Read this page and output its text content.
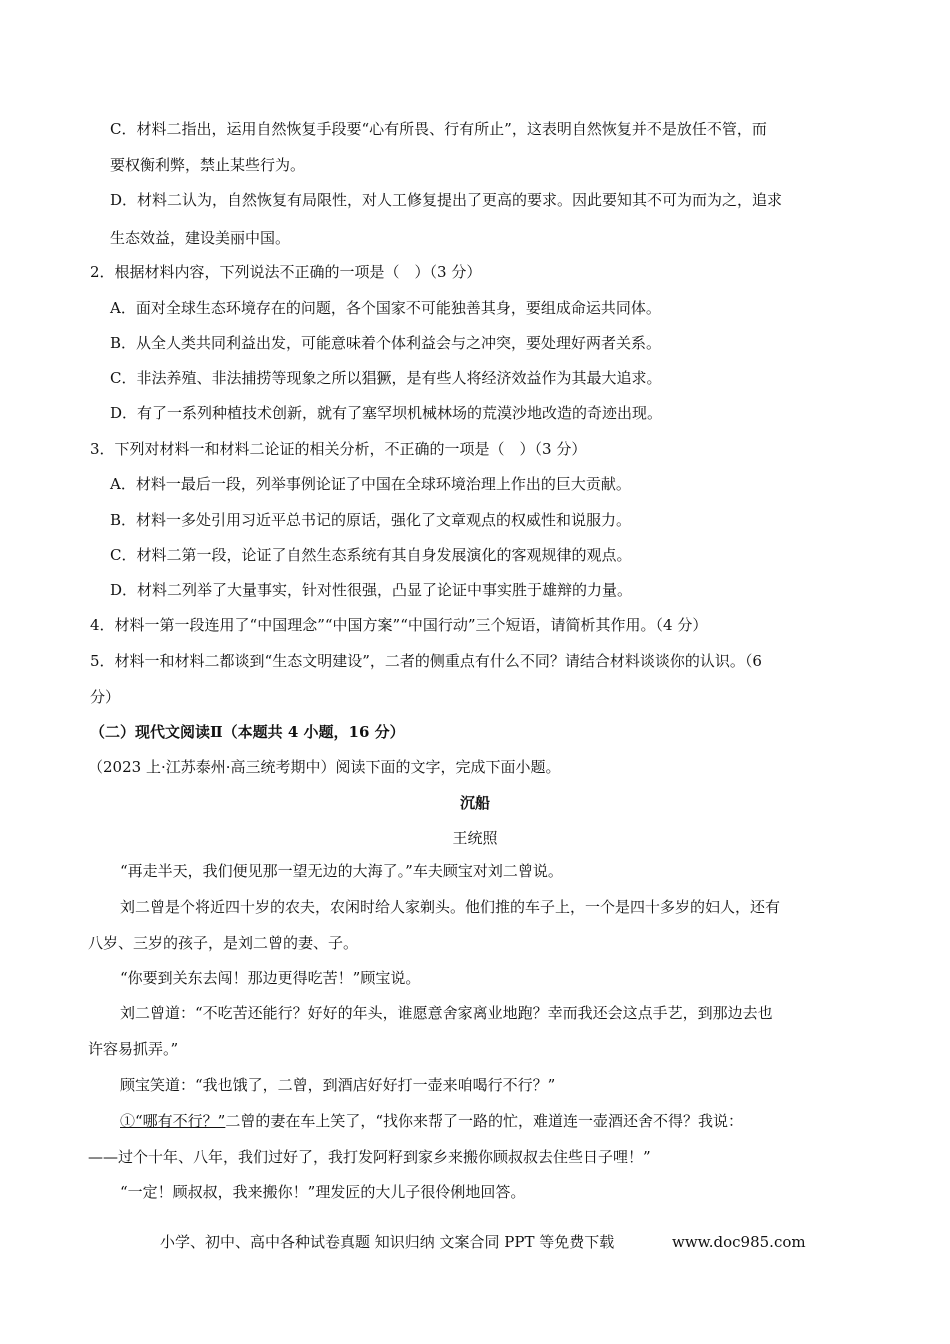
C．材料二指出，运用自然恢复手段要“心有所畏、行有所止”，这表明自然恢复并不是放任不管，而
要权衡利弊，禁止某些行为。
D．材料二认为，自然恢复有局限性，对人工修复提出了更高的要求。因此要知其不可为而为之，追求
生态效益，建设美丽中国。
2．根据材料内容，下列说法不正确的一项是（　）（3 分）
A．面对全球生态环境存在的问题，各个国家不可能独善其身，要组成命运共同体。
B．从全人类共同利益出发，可能意味着个体利益会与之冲突，要处理好两者关系。
C．非法养殖、非法捕捞等现象之所以猖獗，是有些人将经济效益作为其最大追求。
D．有了一系列种植技术创新，就有了塞罕坝机械林场的荒漠沙地改造的奇迹出现。
3．下列对材料一和材料二论证的相关分析，不正确的一项是（　）（3 分）
A．材料一最后一段，列举事例论证了中国在全球环境治理上作出的巨大贡献。
B．材料一多处引用习近平总书记的原话，强化了文章观点的权威性和说服力。
C．材料二第一段，论证了自然生态系统有其自身发展演化的客观规律的观点。
D．材料二列举了大量事实，针对性很强，凸显了论证中事实胜于雄辩的力量。
4．材料一第一段连用了“中国理念”“中国方案”“中国行动”三个短语，请简析其作用。（4 分）
5．材料一和材料二都谈到“生态文明建设”，二者的侧重点有什么不同？请结合材料谈谈你的认识。（6
分）
（二）现代文阅读Ⅱ（本题共 4 小题，16 分）
（2023 上·江苏泰州·高三统考期中）阅读下面的文字，完成下面小题。
沉船
王统照
“再走半天，我们便见那一望无边的大海了。”车夫顾宝对刘二曾说。
刘二曾是个将近四十岁的农夫，农闲时给人家剃头。他们推的车子上，一个是四十多岁的妇人，还有
八岁、三岁的孩子，是刘二曾的妻、子。
“你要到关东去闯！那边更得吃苦！”顾宝说。
刘二曾道：“不吃苦还能行？好好的年头，谁愿意舍家离业地跑？幸而我还会这点手艺，到那边去也
许容易抓弄。”
顾宝笑道：“我也饿了，二曾，到酒店好好打一壶来咱喝行不行？”
①“哪有不行？”二曾的妻在车上笑了，“找你来帮了一路的忙，难道连一壶酒还舍不得？我说：
——过个十年、八年，我们过好了，我打发阿籽到家乡来搬你顾叔叔去住些日子哩！”
“一定！顾叔叔，我来搬你！”理发匠的大儿子很伶俐地回答。
小学、初中、高中各种试卷真题 知识归纳 文案合同 PPT 等免费下载	www.doc985.com
